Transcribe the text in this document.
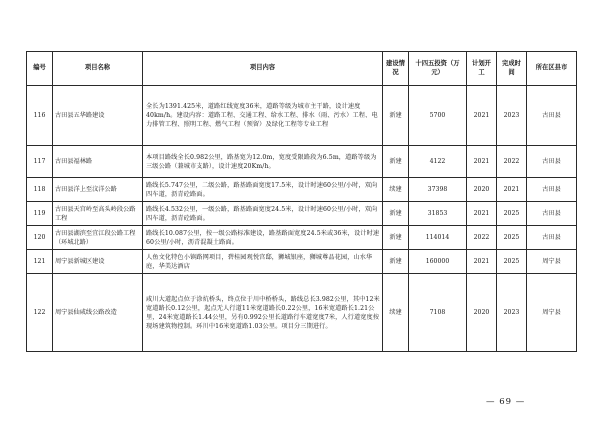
编号	项目名称	项目内容	建设情况	十四五投资（万元）	计划开工	完成时间	所在区县市
116	古田县五华路建设	全长为1391.425米，道路红线宽度36米，道路等级为城市主干路，设计速度40km/h。建设内容：道路工程、交通工程、给水工程、排水（雨、污水）工程、电力排管工程、照明工程、燃气工程（预留）及绿化工程等专业工程	新建	5700	2021	2023	古田县
117	古田县福林路	本项目路线全长0.982公里，路基宽为12.0m，宽度受限路段为6.5m，道路等级为三级公路（兼城市支路），设计速度20Km/h。	新建	4122	2021	2022	古田县
118	古田县洋上至汶洋公路	路线长5.747公里，二级公路，路基路面宽度17.5米，设计时速60公里/小时，双向四车道，沥青砼路面。	续建	37398	2020	2021	古田县
119	古田县天宫岭至高头岭段公路工程	路线长4.532公里，一级公路，路基路面宽度24.5米，设计时速60公里/小时，双向四车道，沥青砼路面。	新建	31853	2021	2025	古田县
120	古田县湖滨至宜江段公路工程（环城北路）	路线长10.087公里，按一级公路标准建设，路基路面宽度24.5米或36米，设计时速60公里/小时，沥青混凝土路面。	新建	114014	2022	2025	古田县
121	周宁县新城区建设	人鱼文化特色小镇路网项目，碧桂园观悦宫邸，狮城银座，狮城尊品花园，山水华庭，华美达酒店	新建	160000	2021	2025	周宁县
122	周宁县仙咸线公路改造	咸川大道起点位于涂炕桥头，终点位于川中桥桥头，路线总长3.982公里，其中12米宽道路长0.12公里，起点无人行道11米宽道路长0.22公里，16米宽道路长1.21公里，24米宽道路长1.44公里，另有0.992公里长道路行车道宽度7米，人行道宽度按现场建筑物控制。环川中16米宽道路1.03公里。项目分三期进行。	续建	7108	2020	2023	周宁县
— 69 —
